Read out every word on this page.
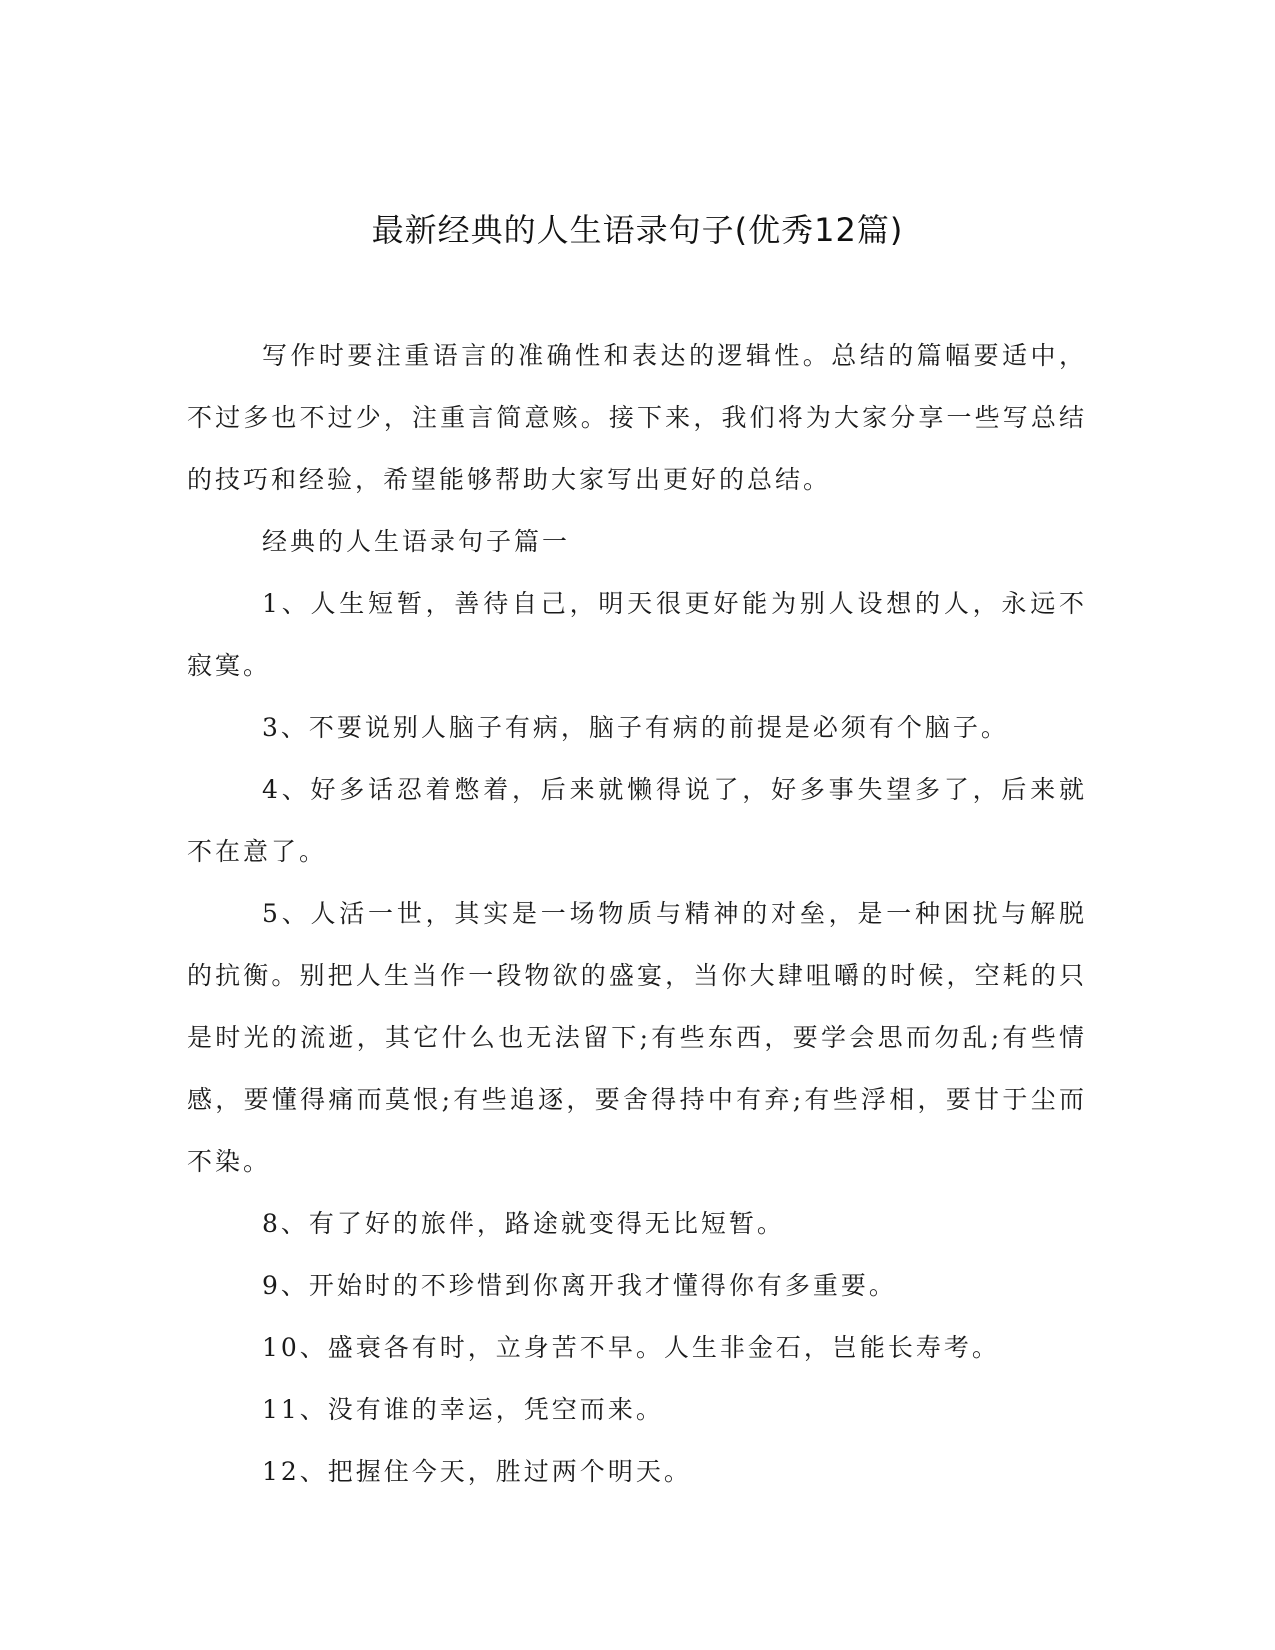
最新经典的人生语录句子(优秀12篇)

写作时要注重语言的准确性和表达的逻辑性。总结的篇幅要适中，不过多也不过少，注重言简意赅。接下来，我们将为大家分享一些写总结的技巧和经验，希望能够帮助大家写出更好的总结。

经典的人生语录句子篇一

1、人生短暂，善待自己，明天很更好能为别人设想的人，永远不寂寞。

3、不要说别人脑子有病，脑子有病的前提是必须有个脑子。

4、好多话忍着憋着，后来就懒得说了，好多事失望多了，后来就不在意了。

5、人活一世，其实是一场物质与精神的对垒，是一种困扰与解脱的抗衡。别把人生当作一段物欲的盛宴，当你大肆咀嚼的时候，空耗的只是时光的流逝，其它什么也无法留下;有些东西，要学会思而勿乱;有些情感，要懂得痛而莫恨;有些追逐，要舍得持中有弃;有些浮相，要甘于尘而不染。

8、有了好的旅伴，路途就变得无比短暂。

9、开始时的不珍惜到你离开我才懂得你有多重要。

10、盛衰各有时，立身苦不早。人生非金石，岂能长寿考。

11、没有谁的幸运，凭空而来。

12、把握住今天，胜过两个明天。
